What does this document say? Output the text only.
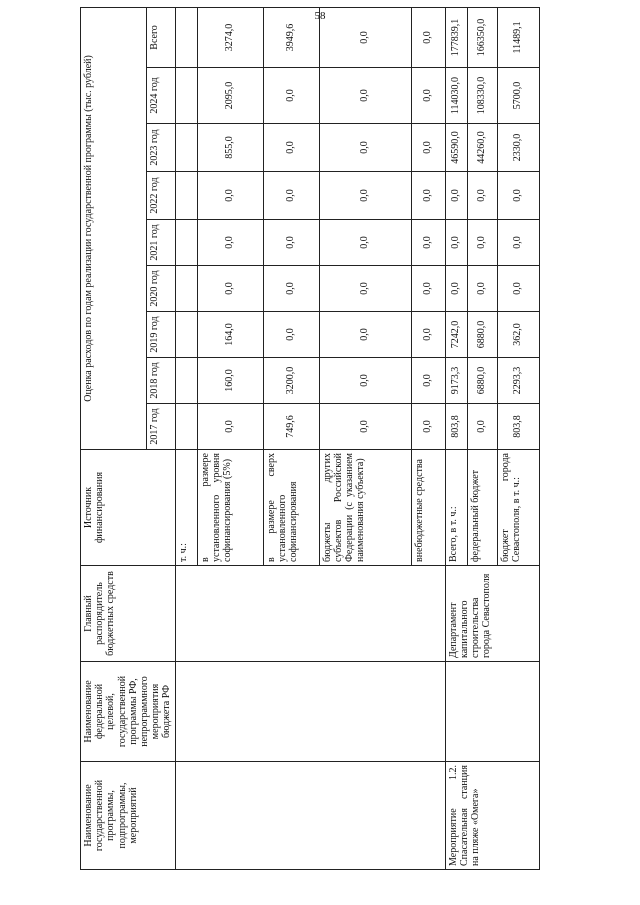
58
Наименование государственной программы, подпрограммы, мероприятий	Наименование федеральной целевой, государственной программы РФ, непрограммного мероприятия бюджета РФ	Главный распорядитель бюджетных средств	Источник финансирования	Оценка расходов по годам реализации государственной программы (тыс. рублей)								
				2017 год	2018 год	2019 год	2020 год	2021 год	2022 год	2023 год	2024 год	Всего
			т. ч.:									
			в размере установленного уровня софинансирования (5%)	0,0	160,0	164,0	0,0	0,0	0,0	855,0	2095,0	3274,0
			в размере сверх установленного софинансирования	749,6	3200,0	0,0	0,0	0,0	0,0	0,0	0,0	3949,6
			бюджеты других субъектов Российской Федерации (с указанием наименования субъекта)	0,0	0,0	0,0	0,0	0,0	0,0	0,0	0,0	0,0
			внебюджетные средства	0,0	0,0	0,0	0,0	0,0	0,0	0,0	0,0	0,0
Мероприятие 1.2. Спасательная станция на пляже «Омега»		Департамент капитального строительства города Севастополя	Всего, в т. ч.:	803,8	9173,3	7242,0	0,0	0,0	0,0	46590,0	114030,0	177839,1
			федеральный бюджет	0,0	6880,0	6880,0	0,0	0,0	0,0	44260,0	108330,0	166350,0
			бюджет города Севастополя, в т. ч.:	803,8	2293,3	362,0	0,0	0,0	0,0	2330,0	5700,0	11489,1
